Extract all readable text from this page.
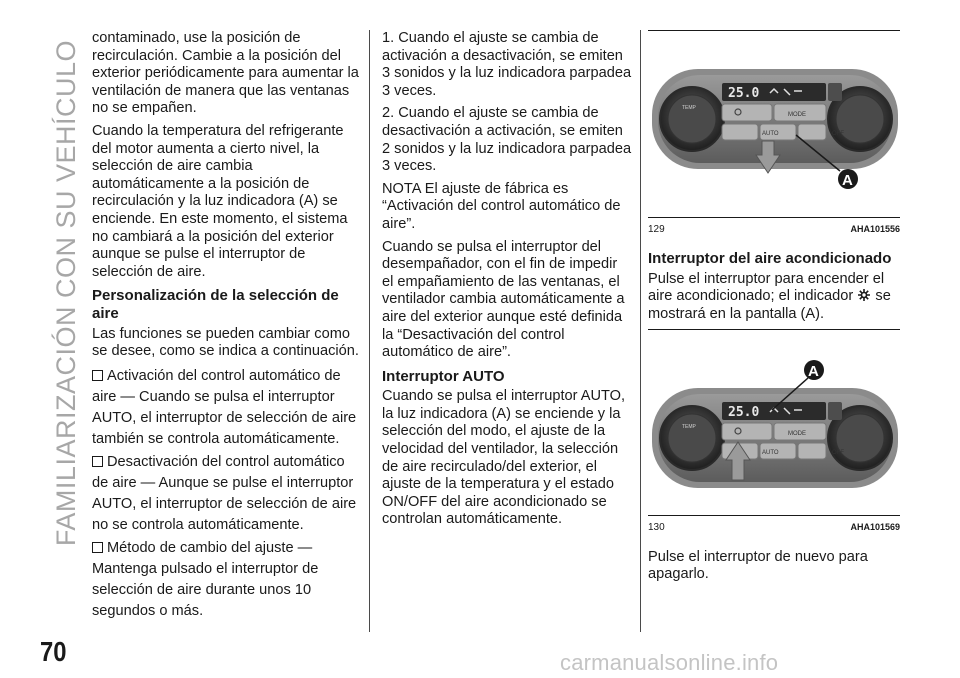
FAMILIARIZACIÓN CON SU VEHÍCULO

contaminado, use la posición de recirculación. Cambie a la posición del exterior periódicamente para aumentar la ventilación de manera que las ventanas no se empañen.

Cuando la temperatura del refrigerante del motor aumenta a cierto nivel, la selección de aire cambia automáticamente a la posición de recirculación y la luz indicadora (A) se enciende. En este momento, el sistema no cambiará a la posición del exterior aunque se pulse el interruptor de selección de aire.

Personalización de la selección de aire

Las funciones se pueden cambiar como se desee, como se indica a continuación.

Activación del control automático de aire — Cuando se pulsa el interruptor AUTO, el interruptor de selección de aire también se controla automáticamente.
Desactivación del control automático de aire — Aunque se pulse el interruptor AUTO, el interruptor de selección de aire no se controla automáticamente.
Método de cambio del ajuste — Mantenga pulsado el interruptor de selección de aire durante unos 10 segundos o más.

1. Cuando el ajuste se cambia de activación a desactivación, se emiten 3 sonidos y la luz indicadora parpadea 3 veces.

2. Cuando el ajuste se cambia de desactivación a activación, se emiten 2 sonidos y la luz indicadora parpadea 3 veces.

NOTA El ajuste de fábrica es “Activación del control automático de aire”.

Cuando se pulsa el interruptor del desempañador, con el fin de impedir el empañamiento de las ventanas, el ventilador cambia automáticamente a aire del exterior aunque esté definida la “Desactivación del control automático de aire”.

Interruptor AUTO

Cuando se pulsa el interruptor AUTO, la luz indicadora (A) se enciende y la selección del modo, el ajuste de la velocidad del ventilador, la selección de aire recirculado/del exterior, el ajuste de la temperatura y el estado ON/OFF del aire acondicionado se controlan automáticamente.

25.0
MODE
AUTO	OFF
TEMP
A
129	AHA101556
Interruptor del aire acondicionado

Pulse el interruptor para encender el aire acondicionado; el indicador se mostrará en la pantalla (A).

25.0
MODE
AUTO	OFF
TEMP
A
130	AHA101569

Pulse el interruptor de nuevo para apagarlo.

70	carmanualsonline.info
